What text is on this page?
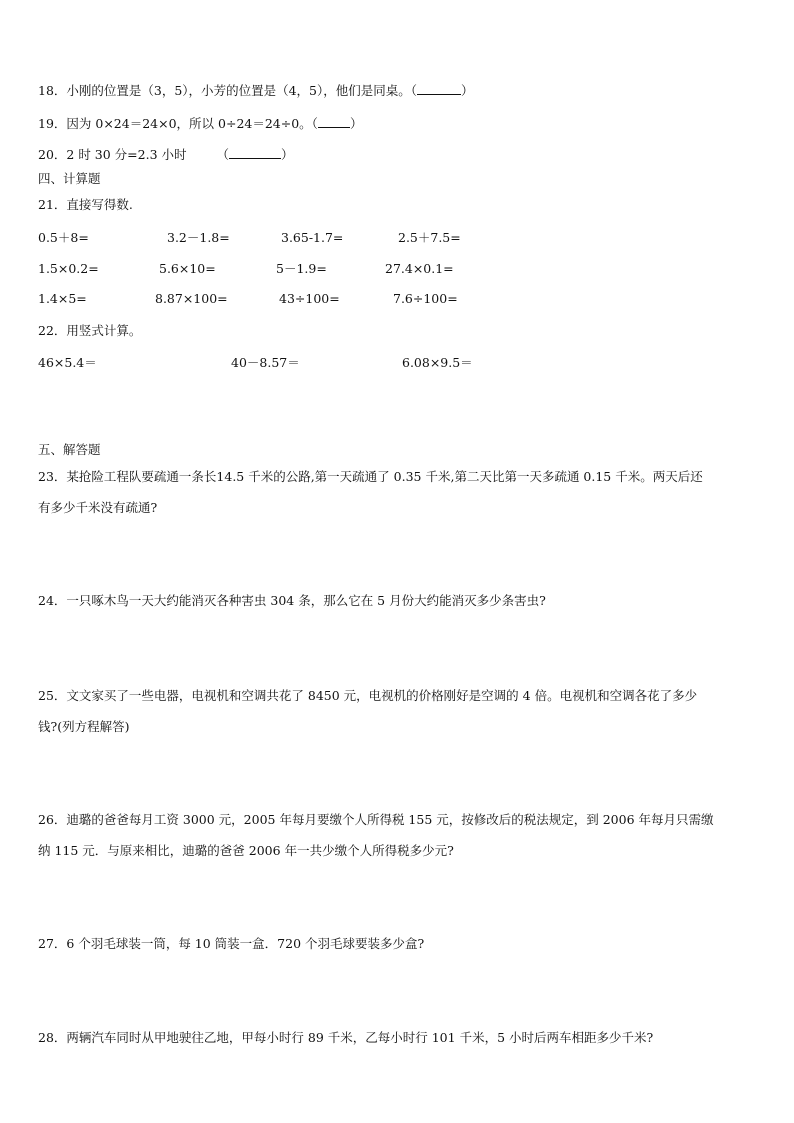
18．小刚的位置是（3，5），小芳的位置是（4，5），他们是同桌。（	）
19．因为 0×24＝24×0，所以 0÷24＝24÷0。（	）
20．2 时 30 分=2.3 小时 （	）
四、计算题
21．直接写得数.
0.5＋8=	3.2－1.8=	3.65-1.7=	2.5＋7.5=
1.5×0.2=	5.6×10=	5－1.9=	27.4×0.1=
1.4×5=	8.87×100=	43÷100=	7.6÷100=
22．用竖式计算。
46×5.4＝	40－8.57＝	6.08×9.5＝
五、解答题
23．某抢险工程队要疏通一条长14.5 千米的公路,第一天疏通了 0.35 千米,第二天比第一天多疏通 0.15 千米。两天后还
有多少千米没有疏通?
24．一只啄木鸟一天大约能消灭各种害虫 304 条，那么它在 5 月份大约能消灭多少条害虫?
25．文文家买了一些电器，电视机和空调共花了 8450 元，电视机的价格刚好是空调的 4 倍。电视机和空调各花了多少
钱?(列方程解答)
26．迪璐的爸爸每月工资 3000 元，2005 年每月要缴个人所得税 155 元，按修改后的税法规定，到 2006 年每月只需缴
纳 115 元．与原来相比，迪璐的爸爸 2006 年一共少缴个人所得税多少元?
27．6 个羽毛球装一筒，每 10 筒装一盒．720 个羽毛球要装多少盒?
28．两辆汽车同时从甲地驶往乙地，甲每小时行 89 千米，乙每小时行 101 千米，5 小时后两车相距多少千米?
